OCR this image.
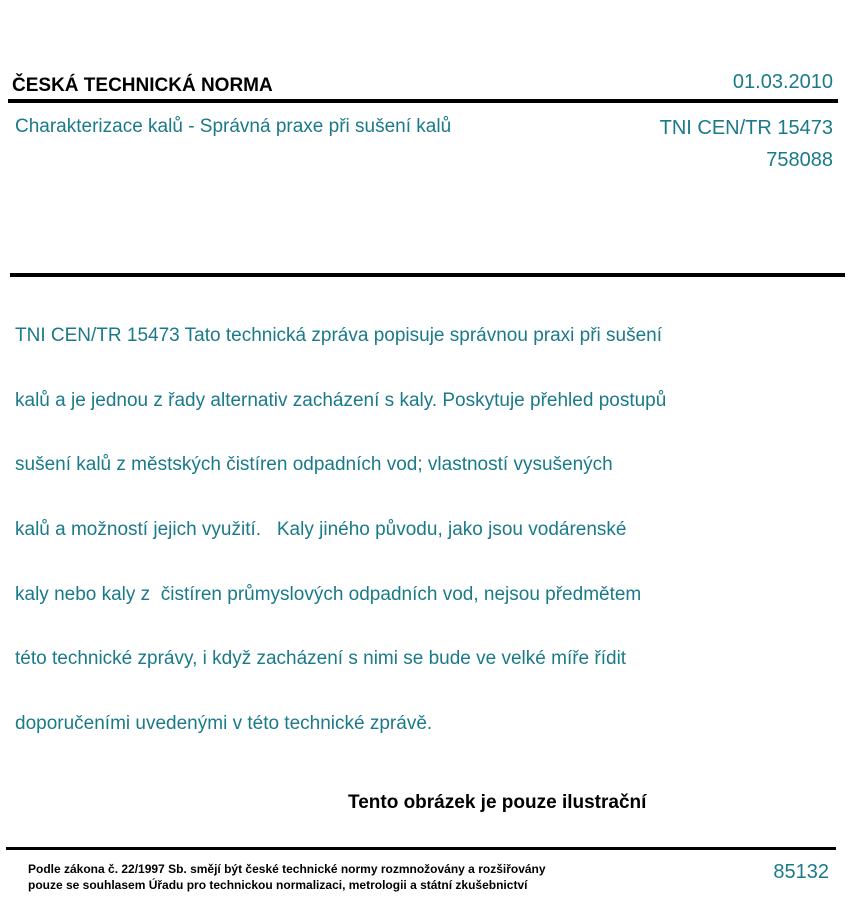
ČESKÁ TECHNICKÁ NORMA	01.03.2010
Charakterizace kalů - Správná praxe při sušení kalů	TNI CEN/TR 15473
758088

TNI CEN/TR 15473 Tato technická zpráva popisuje správnou praxi při sušení

kalů a je jednou z řady alternativ zacházení s kaly. Poskytuje přehled postupů

sušení kalů z městských čistíren odpadních vod; vlastností vysušených

kalů a možností jejich využití.   Kaly jiného původu, jako jsou vodárenské

kaly nebo kaly z  čistíren průmyslových odpadních vod, nejsou předmětem

této technické zprávy, i když zacházení s nimi se bude ve velké míře řídit

doporučeními uvedenými v této technické zprávě.

Tento obrázek je pouze ilustrační
Podle zákona č. 22/1997 Sb. smějí být české technické normy rozmnožovány a rozšiřovány
pouze se souhlasem Úřadu pro technickou normalizaci, metrologii a státní zkušebnictví
85132
